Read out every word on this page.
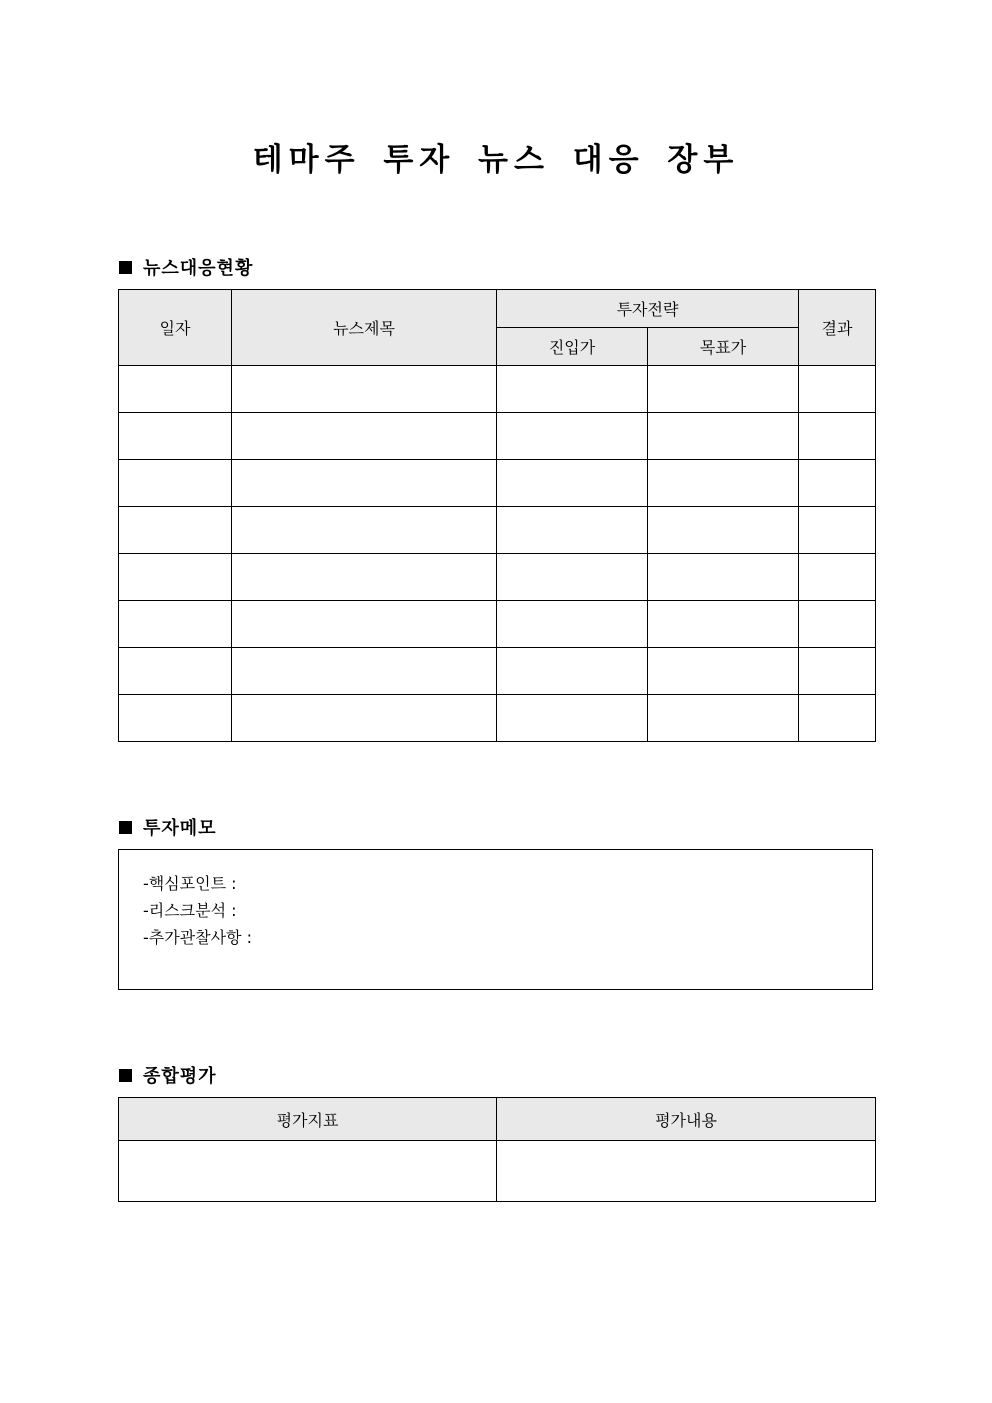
테마주 투자 뉴스 대응 장부
뉴스대응현황
일자	뉴스제목	투자전략		결과
		진입가	목표가	

투자메모
-핵심포인트 :
-리스크분석 :
-추가관찰사항 :
종합평가
평가지표	평가내용
